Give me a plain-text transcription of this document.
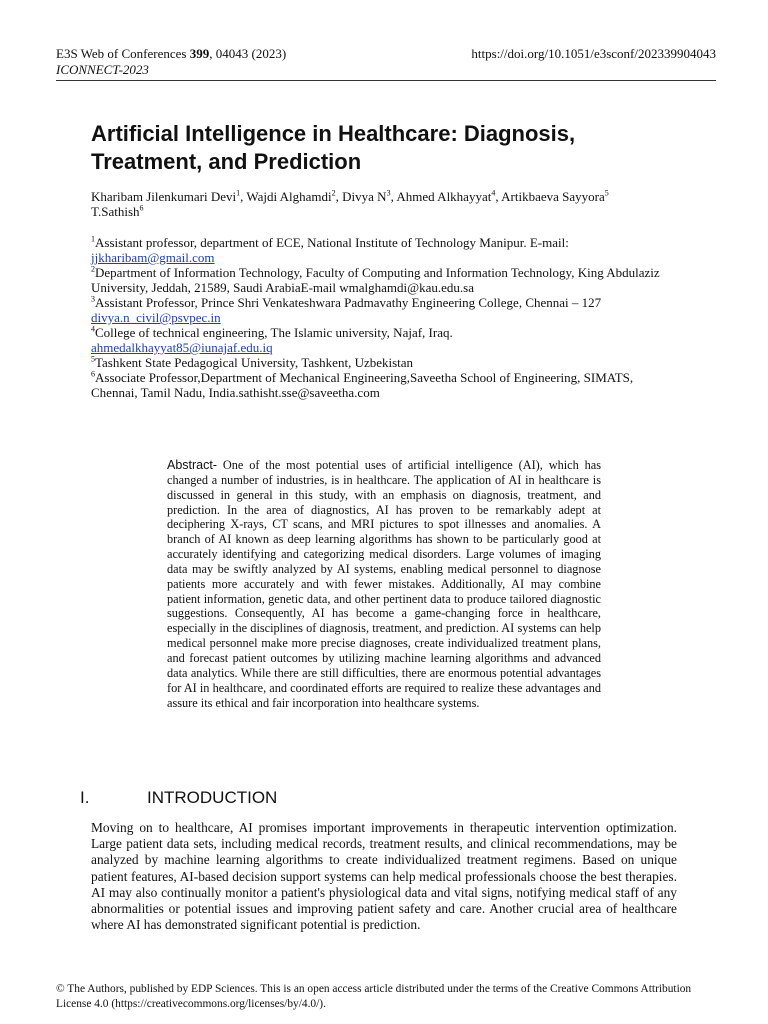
E3S Web of Conferences 399, 04043 (2023)	https://doi.org/10.1051/e3sconf/202339904043
ICONNECT-2023
Artificial Intelligence in Healthcare: Diagnosis, Treatment, and Prediction
Kharibam Jilenkumari Devi$^1$, Wajdi Alghamdi$^2$, Divya $N^3$, Ahmed Alkhayyat$^4$, Artikbaeva Sayyora$^5$
T.Sathish$^6$

$^1$Assistant professor, department of ECE, National Institute of Technology Manipur. E-mail:
jjkharibam@gmail.com

$^2$Department of Information Technology, Faculty of Computing and Information Technology, King Abdulaziz University, Jeddah, 21589, Saudi ArabiaE-mail wmalghamdi@kau.edu.sa

$^3$Assistant Professor, Prince Shri Venkateshwara Padmavathy Engineering College, Chennai – 127
divya.n_civil@psvpec.in

$^4$College of technical engineering, The Islamic university, Najaf, Iraq.
ahmedalkhayyat85@iunajaf.edu.iq

$^5$Tashkent State Pedagogical University, Tashkent, Uzbekistan

$^6$Associate Professor,Department of Mechanical Engineering,Saveetha School of Engineering, SIMATS, Chennai, Tamil Nadu, India.sathisht.sse@saveetha.com

Abstract- One of the most potential uses of artificial intelligence (AI), which has changed a number of industries, is in healthcare. The application of AI in healthcare is discussed in general in this study, with an emphasis on diagnosis, treatment, and prediction. In the area of diagnostics, AI has proven to be remarkably adept at deciphering X-rays, CT scans, and MRI pictures to spot illnesses and anomalies. A branch of AI known as deep learning algorithms has shown to be particularly good at accurately identifying and categorizing medical disorders. Large volumes of imaging data may be swiftly analyzed by AI systems, enabling medical personnel to diagnose patients more accurately and with fewer mistakes. Additionally, AI may combine patient information, genetic data, and other pertinent data to produce tailored diagnostic suggestions. Consequently, AI has become a game-changing force in healthcare, especially in the disciplines of diagnosis, treatment, and prediction. AI systems can help medical personnel make more precise diagnoses, create individualized treatment plans, and forecast patient outcomes by utilizing machine learning algorithms and advanced data analytics. While there are still difficulties, there are enormous potential advantages for AI in healthcare, and coordinated efforts are required to realize these advantages and assure its ethical and fair incorporation into healthcare systems.
I.	INTRODUCTION
Moving on to healthcare, AI promises important improvements in therapeutic intervention optimization. Large patient data sets, including medical records, treatment results, and clinical recommendations, may be analyzed by machine learning algorithms to create individualized treatment regimens. Based on unique patient features, AI-based decision support systems can help medical professionals choose the best therapies. AI may also continually monitor a patient's physiological data and vital signs, notifying medical staff of any abnormalities or potential issues and improving patient safety and care. Another crucial area of healthcare where AI has demonstrated significant potential is prediction.
© The Authors, published by EDP Sciences. This is an open access article distributed under the terms of the Creative Commons Attribution License 4.0 (https://creativecommons.org/licenses/by/4.0/).
